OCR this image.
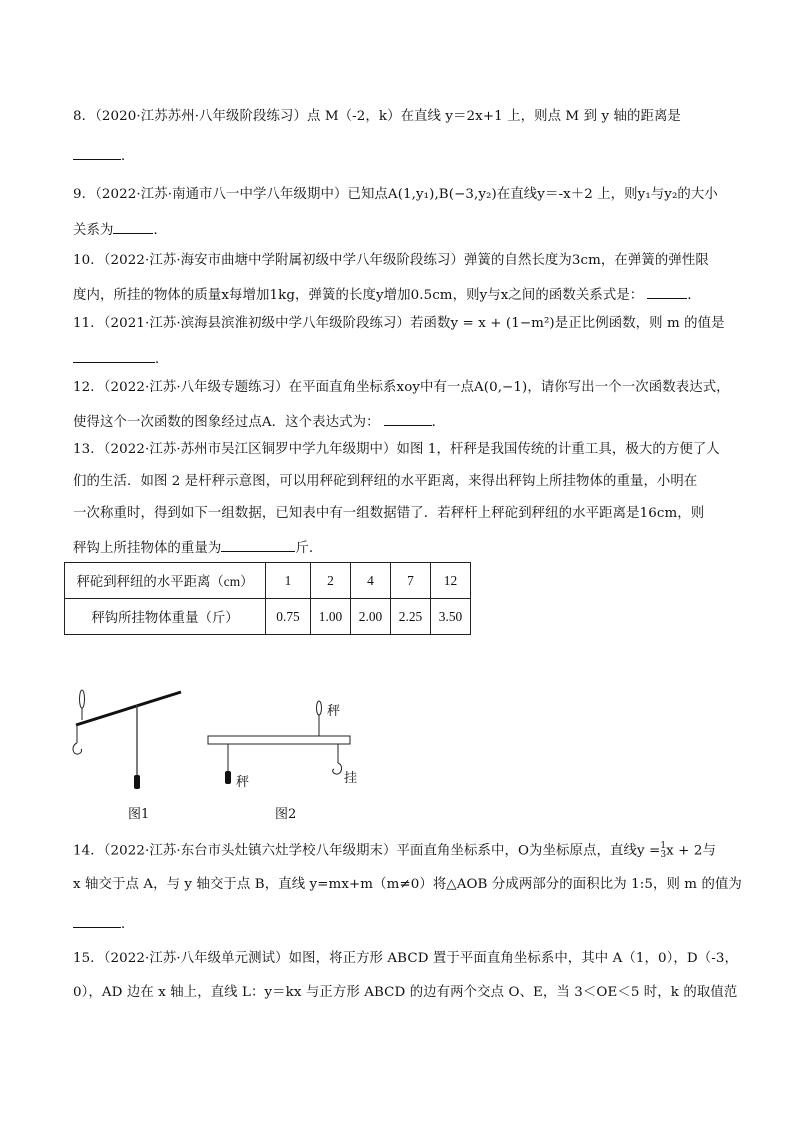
8．（2020·江苏苏州·八年级阶段练习）点 M（-2，k）在直线 y＝2x+1 上，则点 M 到 y 轴的距离是
．
9．（2022·江苏·南通市八一中学八年级期中）已知点A(1,y₁),B(−3,y₂)在直线y＝-x＋2 上，则y₁与y₂的大小
关系为	．
10．（2022·江苏·海安市曲塘中学附属初级中学八年级阶段练习）弹簧的自然长度为3cm，在弹簧的弹性限
度内，所挂的物体的质量x每增加1kg，弹簧的长度y增加0.5cm，则y与x之间的函数关系式是：	．
11．（2021·江苏·滨海县滨淮初级中学八年级阶段练习）若函数y = x + (1−m²)是正比例函数，则 m 的值是
．
12．（2022·江苏·八年级专题练习）在平面直角坐标系xoy中有一点A(0,−1)，请你写出一个一次函数表达式，
使得这个一次函数的图象经过点A．这个表达式为：	．
13．（2022·江苏·苏州市吴江区铜罗中学九年级期中）如图 1，杆秤是我国传统的计重工具，极大的方便了人
们的生活．如图 2 是杆秤示意图，可以用秤砣到秤纽的水平距离，来得出秤钩上所挂物体的重量，小明在
一次称重时，得到如下一组数据，已知表中有一组数据错了．若秤杆上秤砣到秤纽的水平距离是16cm，则
秤钩上所挂物体的重量为	斤．
秤砣到秤纽的水平距离（cm）	1	2	4	7	12
秤钩所挂物体重量（斤）	0.75	1.00	2.00	2.25	3.50
秤
秤	挂
图1	图2
14．（2022·江苏·东台市头灶镇六灶学校八年级期末）平面直角坐标系中，O为坐标原点，直线y = 1
3 x + 2与
x 轴交于点 A，与 y 轴交于点 B，直线 y=mx+m（m≠0）将△AOB 分成两部分的面积比为 1:5，则 m 的值为
．
15．（2022·江苏·八年级单元测试）如图，将正方形 ABCD 置于平面直角坐标系中，其中 A（1，0），D（-3，
0），AD 边在 x 轴上，直线 L：y＝kx 与正方形 ABCD 的边有两个交点 O、E，当 3＜OE＜5 时，k 的取值范
